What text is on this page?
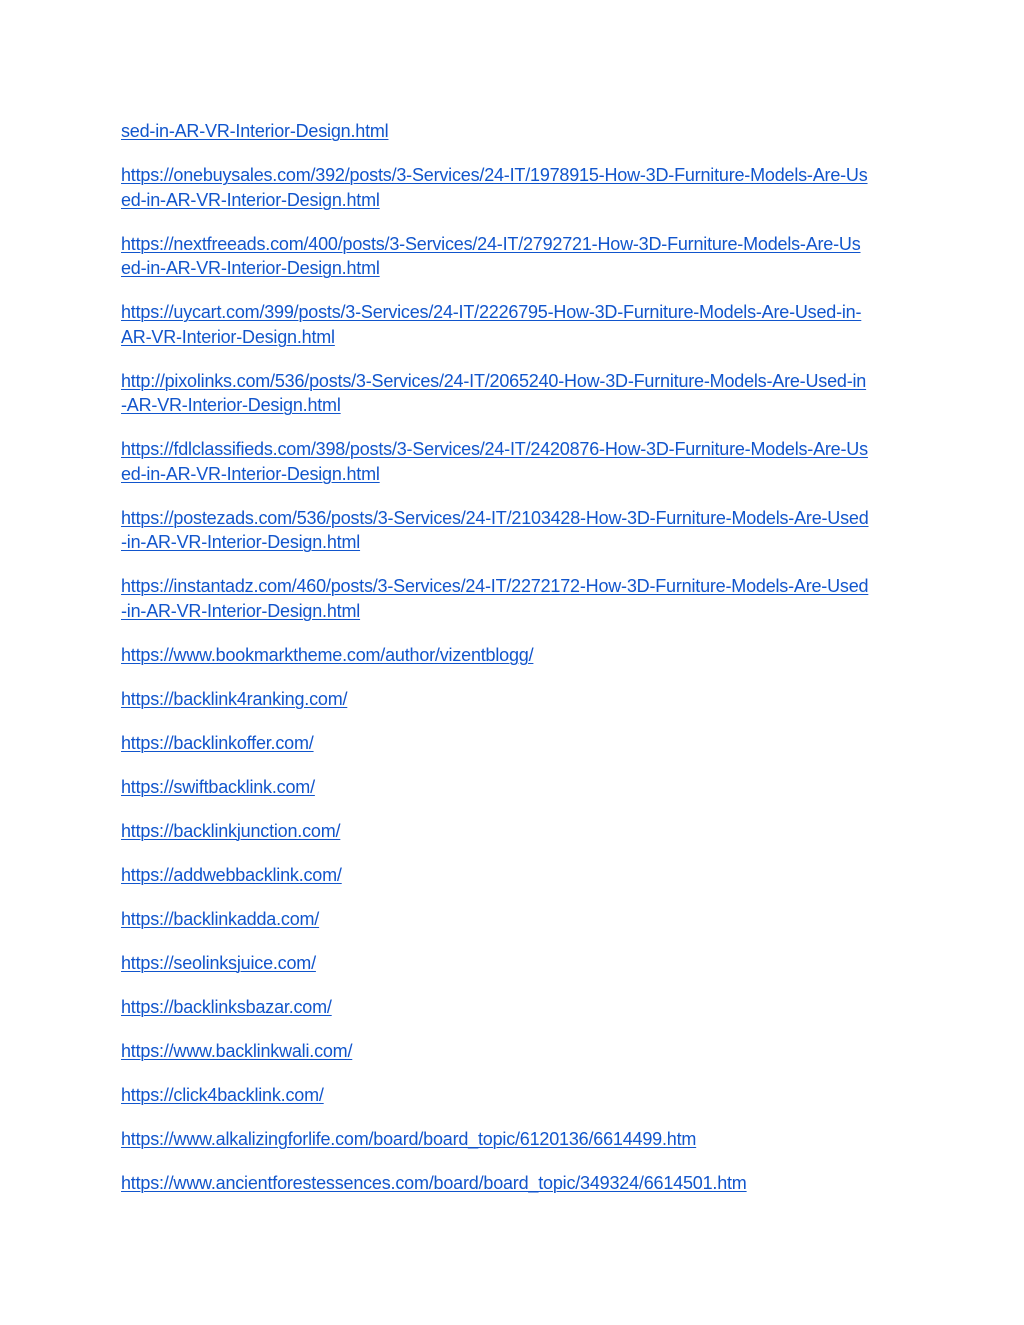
sed-in-AR-VR-Interior-Design.html
https://onebuysales.com/392/posts/3-Services/24-IT/1978915-How-3D-Furniture-Models-Are-Us
ed-in-AR-VR-Interior-Design.html
https://nextfreeads.com/400/posts/3-Services/24-IT/2792721-How-3D-Furniture-Models-Are-Us
ed-in-AR-VR-Interior-Design.html
https://uycart.com/399/posts/3-Services/24-IT/2226795-How-3D-Furniture-Models-Are-Used-in-
AR-VR-Interior-Design.html
http://pixolinks.com/536/posts/3-Services/24-IT/2065240-How-3D-Furniture-Models-Are-Used-in
-AR-VR-Interior-Design.html
https://fdlclassifieds.com/398/posts/3-Services/24-IT/2420876-How-3D-Furniture-Models-Are-Us
ed-in-AR-VR-Interior-Design.html
https://postezads.com/536/posts/3-Services/24-IT/2103428-How-3D-Furniture-Models-Are-Used
-in-AR-VR-Interior-Design.html
https://instantadz.com/460/posts/3-Services/24-IT/2272172-How-3D-Furniture-Models-Are-Used
-in-AR-VR-Interior-Design.html
https://www.bookmarktheme.com/author/vizentblogg/
https://backlink4ranking.com/
https://backlinkoffer.com/
https://swiftbacklink.com/
https://backlinkjunction.com/
https://addwebbacklink.com/
https://backlinkadda.com/
https://seolinksjuice.com/
https://backlinksbazar.com/
https://www.backlinkwali.com/
https://click4backlink.com/
https://www.alkalizingforlife.com/board/board_topic/6120136/6614499.htm
https://www.ancientforestessences.com/board/board_topic/349324/6614501.htm
